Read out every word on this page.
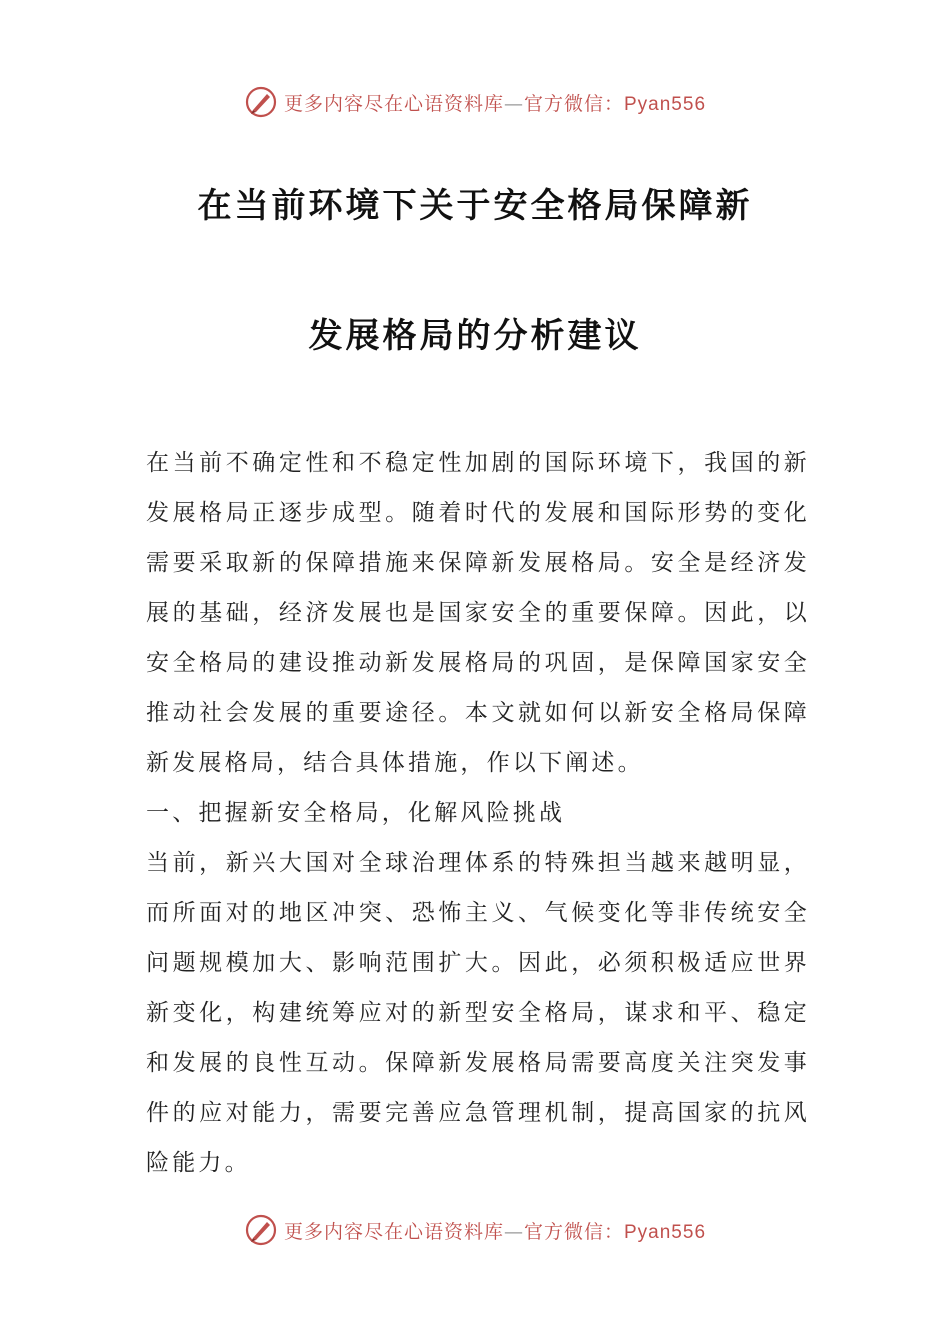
更多内容尽在心语资料库—官方微信：Pyan556
在当前环境下关于安全格局保障新
发展格局的分析建议

在当前不确定性和不稳定性加剧的国际环境下，我国的新发展格局正逐步成型。随着时代的发展和国际形势的变化需要采取新的保障措施来保障新发展格局。安全是经济发展的基础，经济发展也是国家安全的重要保障。因此，以安全格局的建设推动新发展格局的巩固，是保障国家安全推动社会发展的重要途径。本文就如何以新安全格局保障新发展格局，结合具体措施，作以下阐述。

一、把握新安全格局，化解风险挑战

当前，新兴大国对全球治理体系的特殊担当越来越明显，而所面对的地区冲突、恐怖主义、气候变化等非传统安全问题规模加大、影响范围扩大。因此，必须积极适应世界新变化，构建统筹应对的新型安全格局，谋求和平、稳定和发展的良性互动。保障新发展格局需要高度关注突发事件的应对能力，需要完善应急管理机制，提高国家的抗风险能力。

更多内容尽在心语资料库—官方微信：Pyan556
